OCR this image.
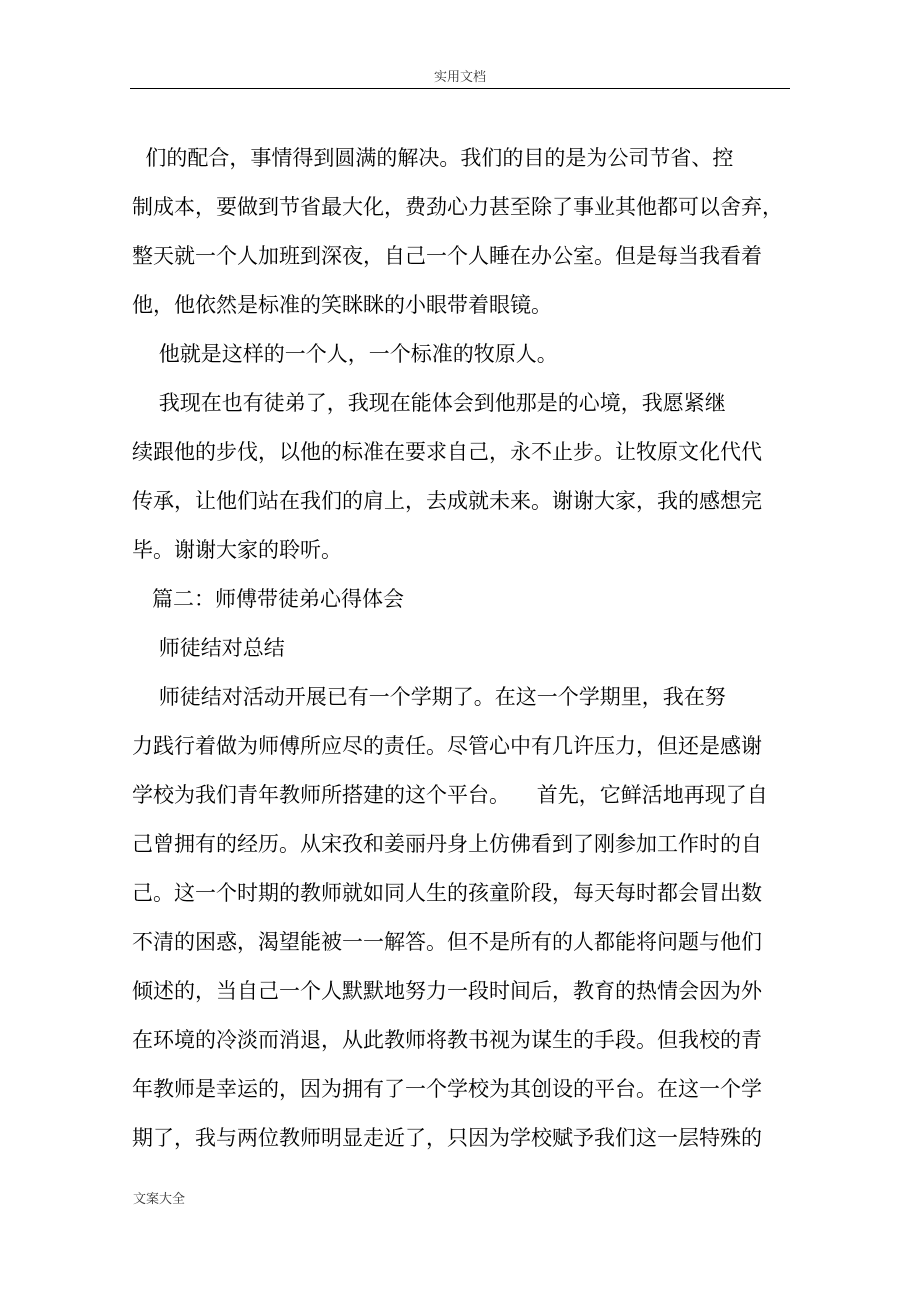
实用文档
们的配合，事情得到圆满的解决。我们的目的是为公司节省、控
制成本，要做到节省最大化，费劲心力甚至除了事业其他都可以舍弃，
整天就一个人加班到深夜，自己一个人睡在办公室。但是每当我看着
他，他依然是标准的笑眯眯的小眼带着眼镜。
他就是这样的一个人，一个标准的牧原人。
我现在也有徒弟了，我现在能体会到他那是的心境，我愿紧继
续跟他的步伐，以他的标准在要求自己，永不止步。让牧原文化代代
传承，让他们站在我们的肩上，去成就未来。谢谢大家，我的感想完
毕。谢谢大家的聆听。
篇二：师傅带徒弟心得体会
师徒结对总结
师徒结对活动开展已有一个学期了。在这一个学期里，我在努
力践行着做为师傅所应尽的责任。尽管心中有几许压力，但还是感谢
学校为我们青年教师所搭建的这个平台。    首先，它鲜活地再现了自
己曾拥有的经历。从宋孜和姜丽丹身上仿佛看到了刚参加工作时的自
己。这一个时期的教师就如同人生的孩童阶段，每天每时都会冒出数
不清的困惑，渴望能被一一解答。但不是所有的人都能将问题与他们
倾述的，当自己一个人默默地努力一段时间后，教育的热情会因为外
在环境的冷淡而消退，从此教师将教书视为谋生的手段。但我校的青
年教师是幸运的，因为拥有了一个学校为其创设的平台。在这一个学
期了，我与两位教师明显走近了，只因为学校赋予我们这一层特殊的
文案大全
